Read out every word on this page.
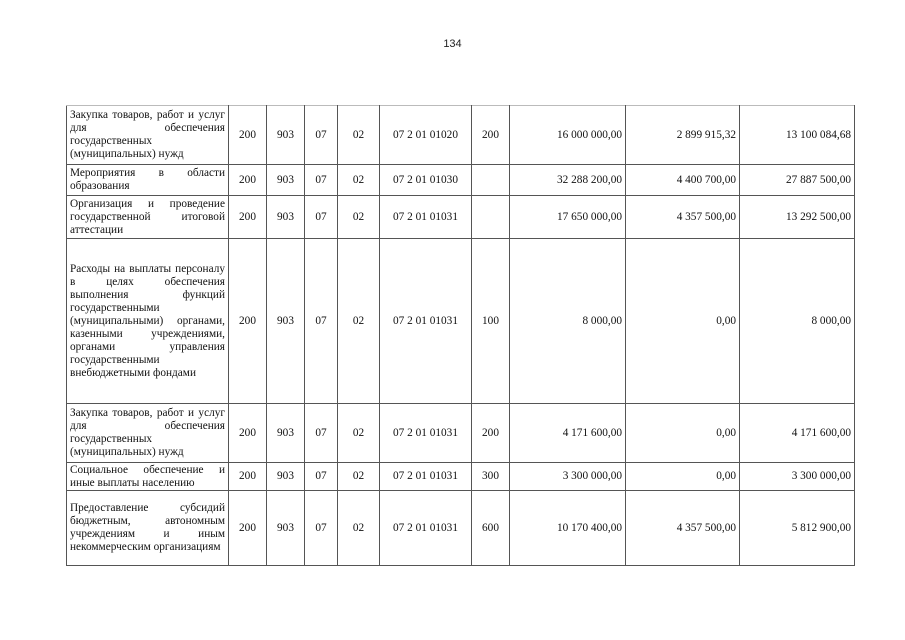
134
Закупка товаров, работ и услуг для обеспечения государственных (муниципальных) нужд	200	903	07	02	07 2 01 01020	200	16 000 000,00	2 899 915,32	13 100 084,68
Мероприятия в области образования	200	903	07	02	07 2 01 01030		32 288 200,00	4 400 700,00	27 887 500,00
Организация и проведение государственной итоговой аттестации	200	903	07	02	07 2 01 01031		17 650 000,00	4 357 500,00	13 292 500,00
Расходы на выплаты персоналу в целях обеспечения выполнения функций государственными (муниципальными) органами, казенными учреждениями, органами управления государственными внебюджетными фондами	200	903	07	02	07 2 01 01031	100	8 000,00	0,00	8 000,00
Закупка товаров, работ и услуг для обеспечения государственных (муниципальных) нужд	200	903	07	02	07 2 01 01031	200	4 171 600,00	0,00	4 171 600,00
Социальное обеспечение и иные выплаты населению	200	903	07	02	07 2 01 01031	300	3 300 000,00	0,00	3 300 000,00
Предоставление субсидий бюджетным, автономным учреждениям и иным некоммерческим организациям	200	903	07	02	07 2 01 01031	600	10 170 400,00	4 357 500,00	5 812 900,00
